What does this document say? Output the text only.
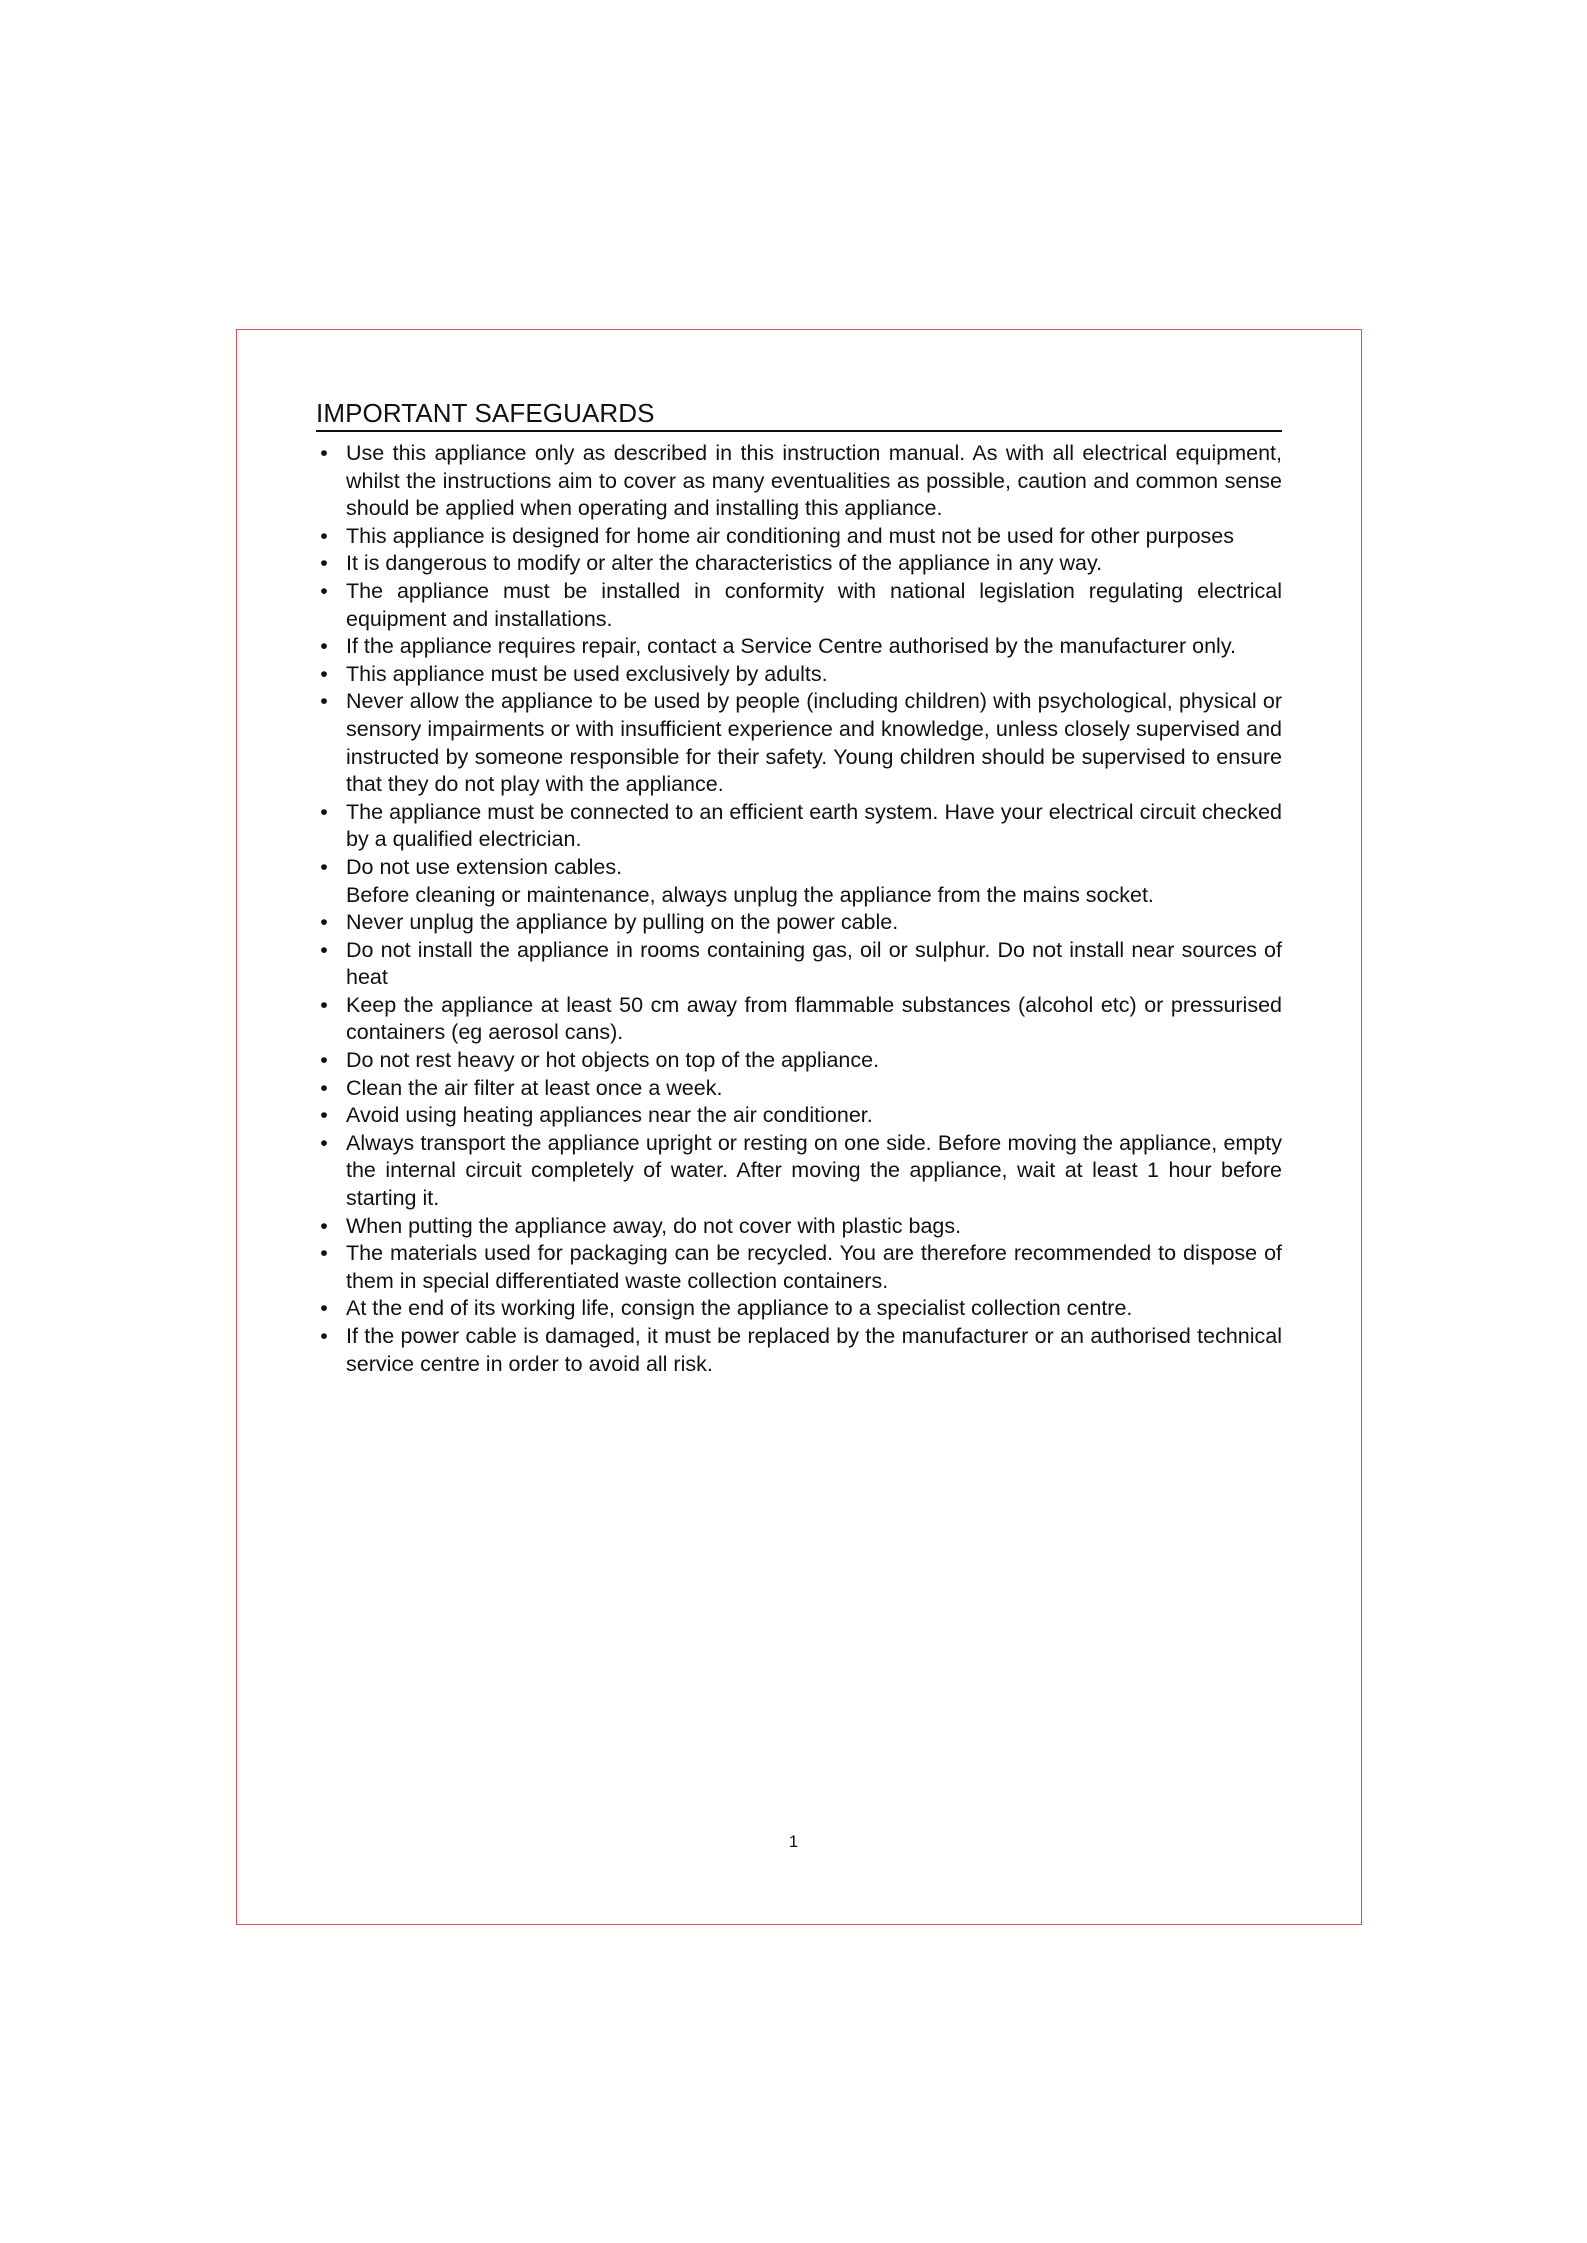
IMPORTANT SAFEGUARDS
•
Use this appliance only as described in this instruction manual. As with all electrical equipment, whilst the instructions aim to cover as many eventualities as possible, caution and common sense should be applied when operating and installing this appliance.
•
This appliance is designed for home air conditioning and must not be used for other purposes
•
It is dangerous to modify or alter the characteristics of the appliance in any way.
•
The appliance must be installed in conformity with national legislation regulating electrical equipment and installations.
•
If the appliance requires repair, contact a Service Centre authorised by the manufacturer only.
•
This appliance must be used exclusively by adults.
•
Never allow the appliance to be used by people (including children) with psychological, physical or sensory impairments or with insufficient experience and knowledge, unless closely supervised and instructed by someone responsible for their safety. Young children should be supervised to ensure that they do not play with the appliance.
•
The appliance must be connected to an efficient earth system. Have your electrical circuit checked by a qualified electrician.
•
Do not use extension cables.
Before cleaning or maintenance, always unplug the appliance from the mains socket.
•
Never unplug the appliance by pulling on the power cable.
•
Do not install the appliance in rooms containing gas, oil or sulphur. Do not install near sources of heat
•
Keep the appliance at least 50 cm away from flammable substances (alcohol etc) or pressurised containers (eg aerosol cans).
•
Do not rest heavy or hot objects on top of the appliance.
•
Clean the air filter at least once a week.
•
Avoid using heating appliances near the air conditioner.
•
Always transport the appliance upright or resting on one side. Before moving the appliance, empty the internal circuit completely of water. After moving the appliance, wait at least 1 hour before starting it.
•
When putting the appliance away, do not cover with plastic bags.
•
The materials used for packaging can be recycled. You are therefore recommended to dispose of them in special differentiated waste collection containers.
•
At the end of its working life, consign the appliance to a specialist collection centre.
•
If the power cable is damaged, it must be replaced by the manufacturer or an authorised technical service centre in order to avoid all risk.
1
